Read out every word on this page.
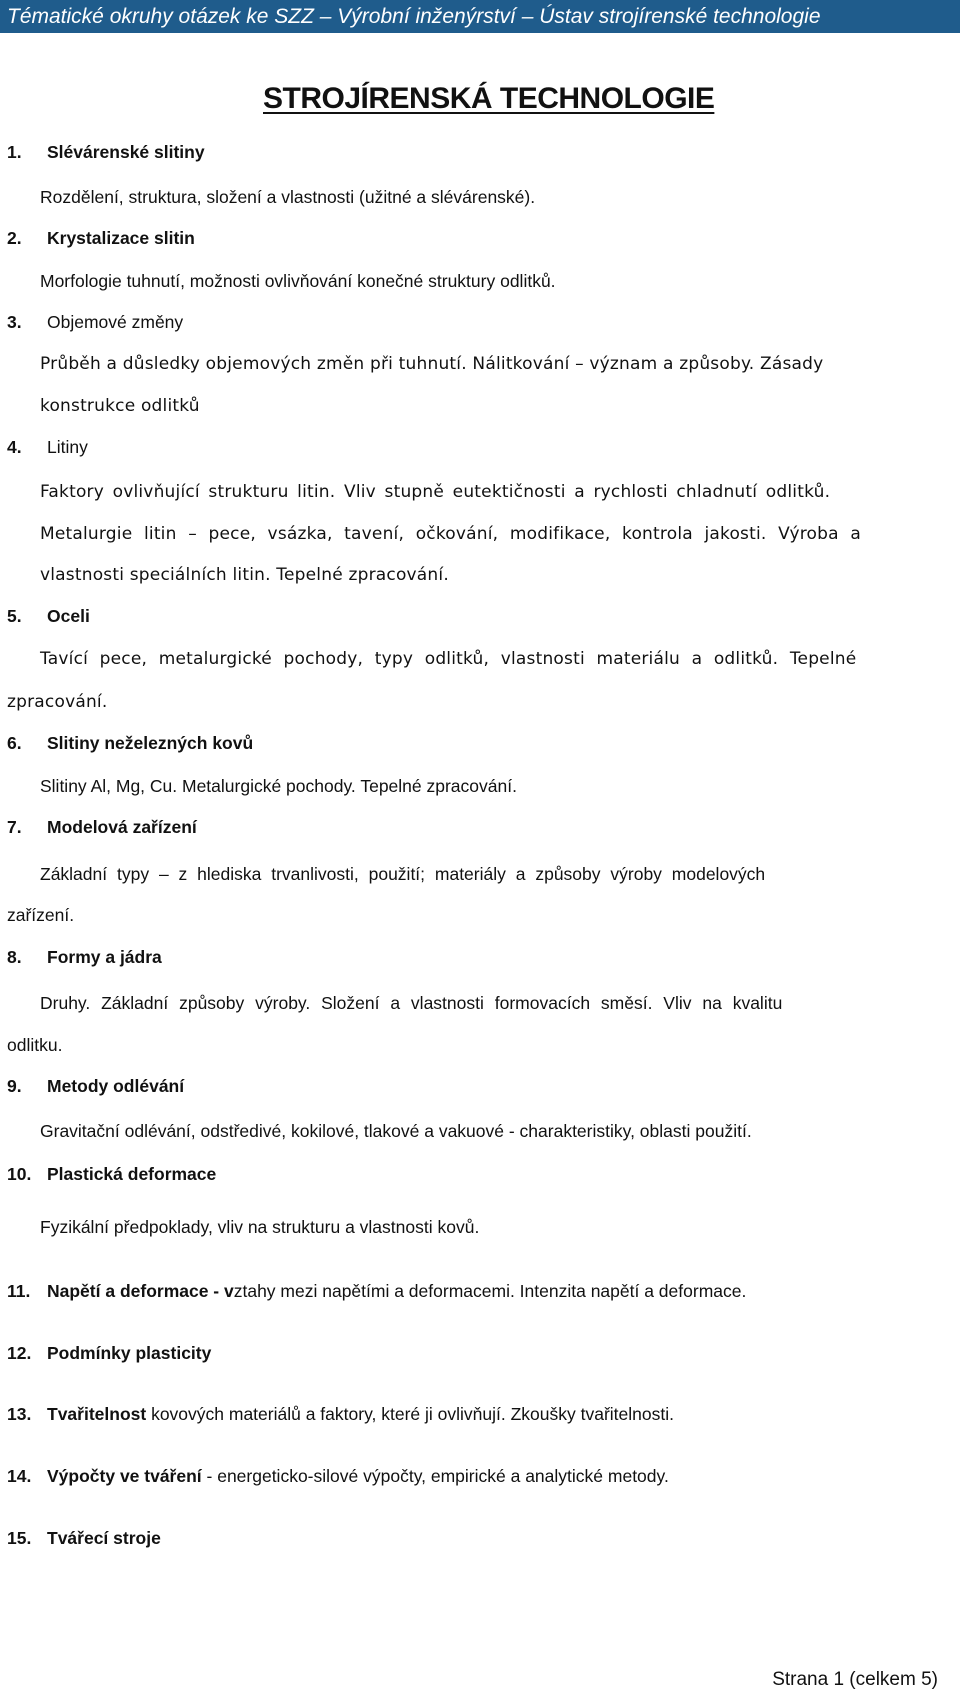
Tématické okruhy otázek ke SZZ – Výrobní inženýrství – Ústav strojírenské technologie
STROJÍRENSKÁ TECHNOLOGIE
1. Slévárenské slitiny
Rozdělení, struktura, složení a vlastnosti (užitné a slévárenské).
2. Krystalizace slitin
Morfologie tuhnutí, možnosti ovlivňování konečné struktury odlitků.
3. Objemové změny
Průběh a důsledky objemových změn při tuhnutí. Nálitkování – význam a způsoby. Zásady
konstrukce odlitků
4. Litiny
Faktory ovlivňující strukturu litin. Vliv stupně eutektičnosti a rychlosti chladnutí odlitků.
Metalurgie litin – pece, vsázka, tavení, očkování, modifikace, kontrola jakosti. Výroba a
vlastnosti speciálních litin. Tepelné zpracování.
5. Oceli
Tavící pece, metalurgické pochody, typy odlitků, vlastnosti materiálu a odlitků. Tepelné
zpracování.
6. Slitiny neželezných kovů
Slitiny Al, Mg, Cu. Metalurgické pochody. Tepelné zpracování.
7. Modelová zařízení
Základní typy – z hlediska trvanlivosti, použití; materiály a způsoby výroby modelových
zařízení.
8. Formy a jádra
Druhy. Základní způsoby výroby. Složení a vlastnosti formovacích směsí. Vliv na kvalitu
odlitku.
9. Metody odlévání
Gravitační odlévání, odstředivé, kokilové, tlakové a vakuové - charakteristiky, oblasti použití.
10. Plastická deformace
Fyzikální předpoklady, vliv na strukturu a vlastnosti kovů.
11. Napětí a deformace - vztahy mezi napětími a deformacemi. Intenzita napětí a deformace.
12. Podmínky plasticity
13. Tvařitelnost kovových materiálů a faktory, které ji ovlivňují. Zkoušky tvařitelnosti.
14. Výpočty ve tváření - energeticko-silové výpočty, empirické a analytické metody.
15. Tvářecí stroje
Strana 1 (celkem 5)
